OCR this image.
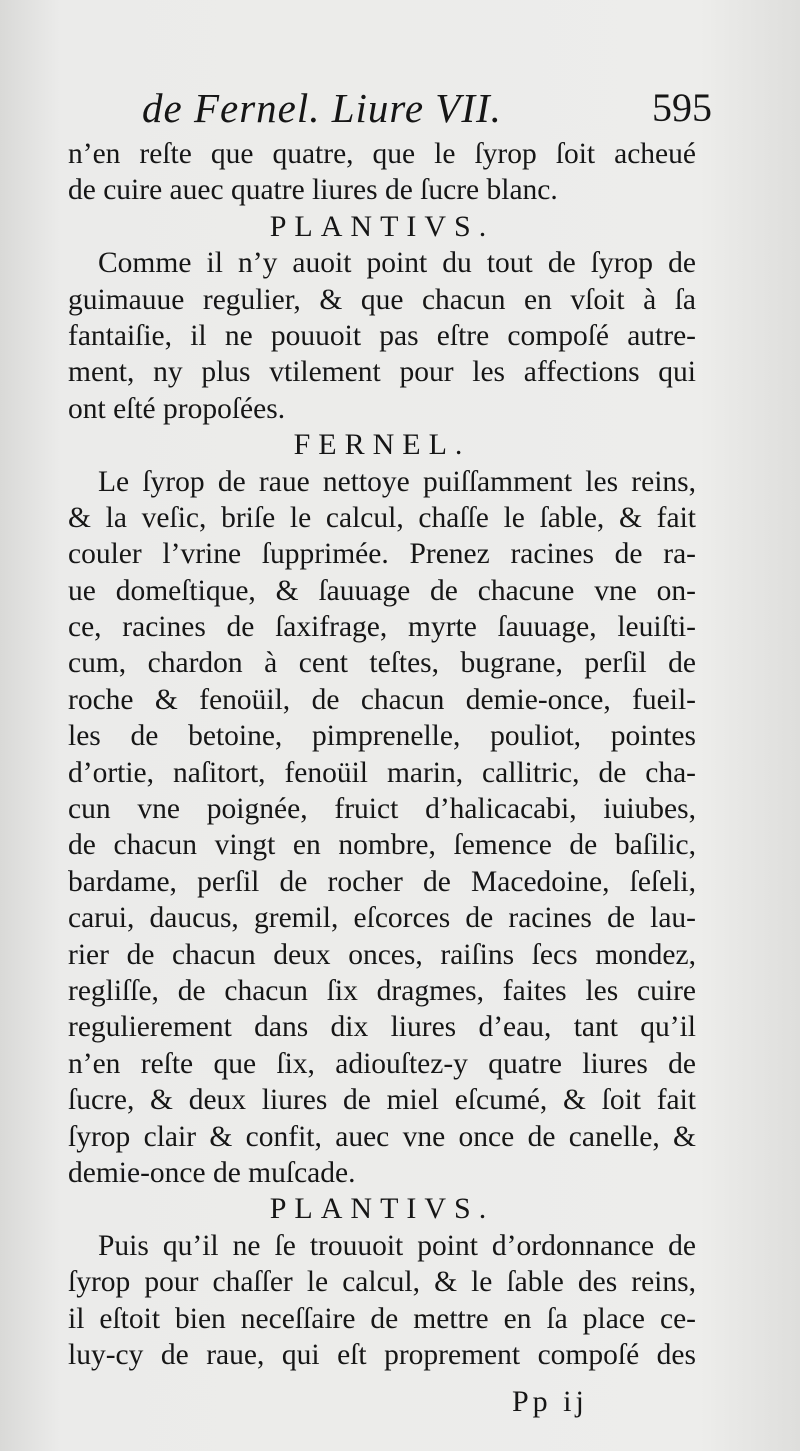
de Fernel. Liure VII.	595
n’en reſte que quatre, que le ſyrop ſoit acheué
de cuire auec quatre liures de ſucre blanc.
PLANTIVS.
Comme il n’y auoit point du tout de ſyrop de
guimauue regulier, & que chacun en vſoit à ſa
fantaiſie, il ne pouuoit pas eſtre compoſé autre-
ment, ny plus vtilement pour les affections qui
ont eſté propoſées.
FERNEL.
Le ſyrop de raue nettoye puiſſamment les reins,
& la veſic, briſe le calcul, chaſſe le ſable, & fait
couler l’vrine ſupprimée. Prenez racines de ra-
ue domeſtique, & ſauuage de chacune vne on-
ce, racines de ſaxifrage, myrte ſauuage, leuiſti-
cum, chardon à cent teſtes, bugrane, perſil de
roche & fenoüil, de chacun demie-once, fueil-
les de betoine, pimprenelle, pouliot, pointes
d’ortie, naſitort, fenoüil marin, callitric, de cha-
cun vne poignée, fruict d’halicacabi, iuiubes,
de chacun vingt en nombre, ſemence de baſilic,
bardame, perſil de rocher de Macedoine, ſeſeli,
carui, daucus, gremil, eſcorces de racines de lau-
rier de chacun deux onces, raiſins ſecs mondez,
regliſſe, de chacun ſix dragmes, faites les cuire
regulierement dans dix liures d’eau, tant qu’il
n’en reſte que ſix, adiouſtez-y quatre liures de
ſucre, & deux liures de miel eſcumé, & ſoit fait
ſyrop clair & confit, auec vne once de canelle, &
demie-once de muſcade.
PLANTIVS.
Puis qu’il ne ſe trouuoit point d’ordonnance de
ſyrop pour chaſſer le calcul, & le ſable des reins,
il eſtoit bien neceſſaire de mettre en ſa place ce-
luy-cy de raue, qui eſt proprement compoſé des
Pp ij
